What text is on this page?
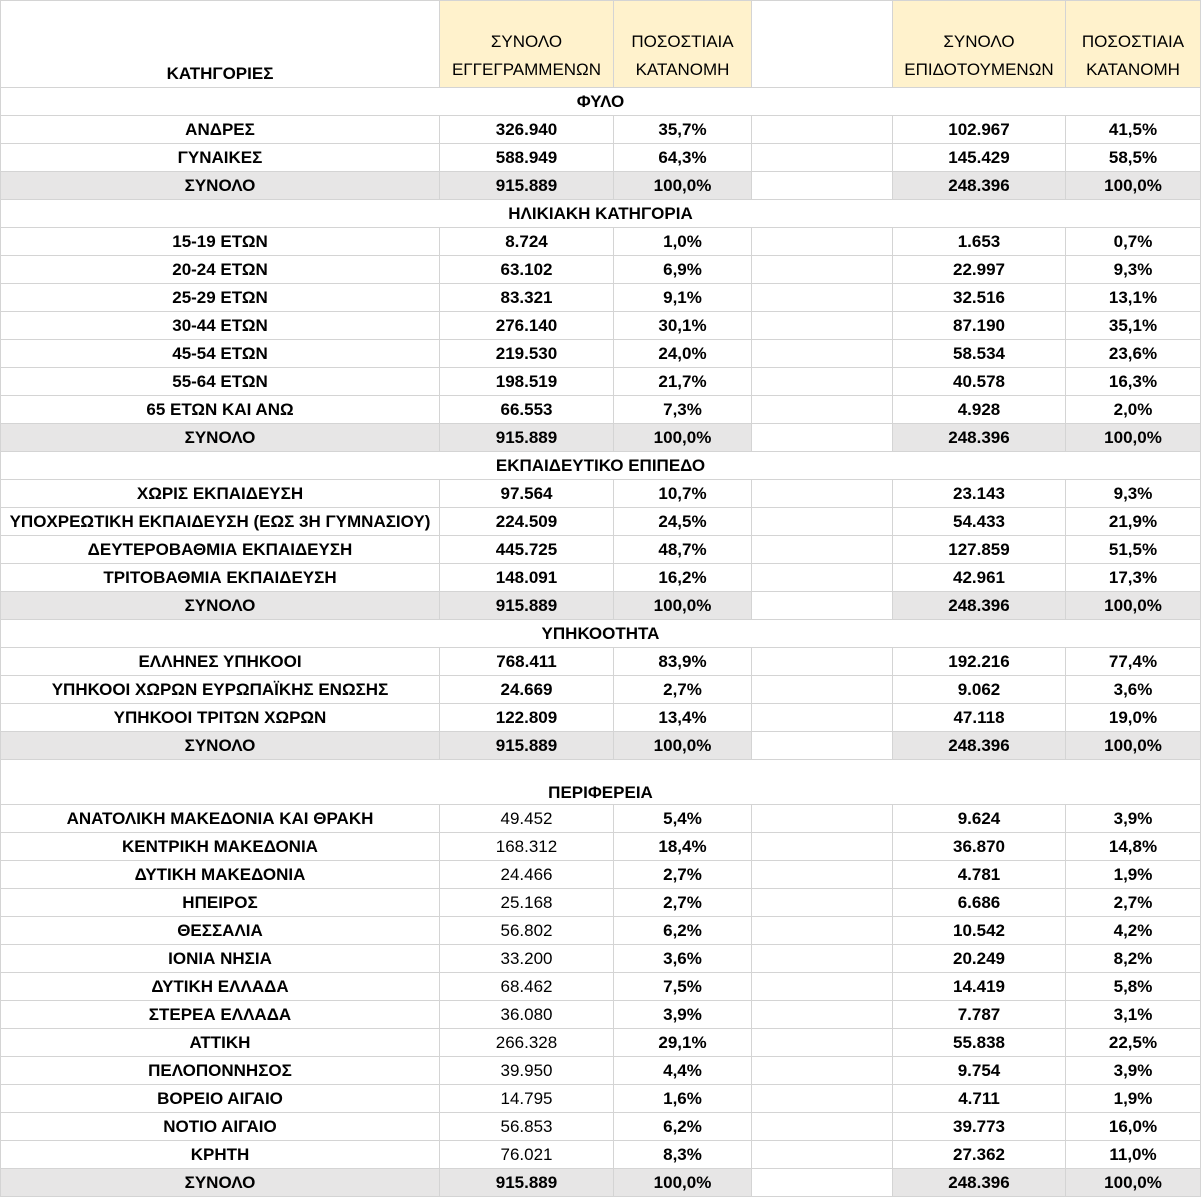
ΚΑΤΗΓΟΡΙΕΣ	ΣΥΝΟΛΟ ΕΓΓΕΓΡΑΜΜΕΝΩΝ	ΠΟΣΟΣΤΙΑΙΑ ΚΑΤΑΝΟΜΗ		ΣΥΝΟΛΟ ΕΠΙΔΟΤΟΥΜΕΝΩΝ	ΠΟΣΟΣΤΙΑΙΑ ΚΑΤΑΝΟΜΗ
ΦΥΛΟ					
ΑΝΔΡΕΣ	326.940	35,7%		102.967	41,5%
ΓΥΝΑΙΚΕΣ	588.949	64,3%		145.429	58,5%
ΣΥΝΟΛΟ	915.889	100,0%		248.396	100,0%
ΗΛΙΚΙΑΚΗ ΚΑΤΗΓΟΡΙΑ					
15-19 ΕΤΩΝ	8.724	1,0%		1.653	0,7%
20-24 ΕΤΩΝ	63.102	6,9%		22.997	9,3%
25-29 ΕΤΩΝ	83.321	9,1%		32.516	13,1%
30-44 ΕΤΩΝ	276.140	30,1%		87.190	35,1%
45-54 ΕΤΩΝ	219.530	24,0%		58.534	23,6%
55-64 ΕΤΩΝ	198.519	21,7%		40.578	16,3%
65 ΕΤΩΝ ΚΑΙ ΑΝΩ	66.553	7,3%		4.928	2,0%
ΣΥΝΟΛΟ	915.889	100,0%		248.396	100,0%
ΕΚΠΑΙΔΕΥΤΙΚΟ ΕΠΙΠΕΔΟ					
ΧΩΡΙΣ ΕΚΠΑΙΔΕΥΣΗ	97.564	10,7%		23.143	9,3%
ΥΠΟΧΡΕΩΤΙΚΗ ΕΚΠΑΙΔΕΥΣΗ (ΕΩΣ 3Η ΓΥΜΝΑΣΙΟΥ)	224.509	24,5%		54.433	21,9%
ΔΕΥΤΕΡΟΒΑΘΜΙΑ ΕΚΠΑΙΔΕΥΣΗ	445.725	48,7%		127.859	51,5%
ΤΡΙΤΟΒΑΘΜΙΑ ΕΚΠΑΙΔΕΥΣΗ	148.091	16,2%		42.961	17,3%
ΣΥΝΟΛΟ	915.889	100,0%		248.396	100,0%
ΥΠΗΚΟΟΤΗΤΑ					
ΕΛΛΗΝΕΣ ΥΠΗΚΟΟΙ	768.411	83,9%		192.216	77,4%
ΥΠΗΚΟΟΙ ΧΩΡΩΝ ΕΥΡΩΠΑΪΚΗΣ ΕΝΩΣΗΣ	24.669	2,7%		9.062	3,6%
ΥΠΗΚΟΟΙ ΤΡΙΤΩΝ ΧΩΡΩΝ	122.809	13,4%		47.118	19,0%
ΣΥΝΟΛΟ	915.889	100,0%		248.396	100,0%
ΠΕΡΙΦΕΡΕΙΑ					
ΑΝΑΤΟΛΙΚΗ ΜΑΚΕΔΟΝΙΑ ΚΑΙ ΘΡΑΚΗ	49.452	5,4%		9.624	3,9%
ΚΕΝΤΡΙΚΗ ΜΑΚΕΔΟΝΙΑ	168.312	18,4%		36.870	14,8%
ΔΥΤΙΚΗ ΜΑΚΕΔΟΝΙΑ	24.466	2,7%		4.781	1,9%
ΗΠΕΙΡΟΣ	25.168	2,7%		6.686	2,7%
ΘΕΣΣΑΛΙΑ	56.802	6,2%		10.542	4,2%
ΙΟΝΙΑ ΝΗΣΙΑ	33.200	3,6%		20.249	8,2%
ΔΥΤΙΚΗ ΕΛΛΑΔΑ	68.462	7,5%		14.419	5,8%
ΣΤΕΡΕΑ ΕΛΛΑΔΑ	36.080	3,9%		7.787	3,1%
ΑΤΤΙΚΗ	266.328	29,1%		55.838	22,5%
ΠΕΛΟΠΟΝΝΗΣΟΣ	39.950	4,4%		9.754	3,9%
ΒΟΡΕΙΟ ΑΙΓΑΙΟ	14.795	1,6%		4.711	1,9%
ΝΟΤΙΟ ΑΙΓΑΙΟ	56.853	6,2%		39.773	16,0%
ΚΡΗΤΗ	76.021	8,3%		27.362	11,0%
ΣΥΝΟΛΟ	915.889	100,0%		248.396	100,0%
